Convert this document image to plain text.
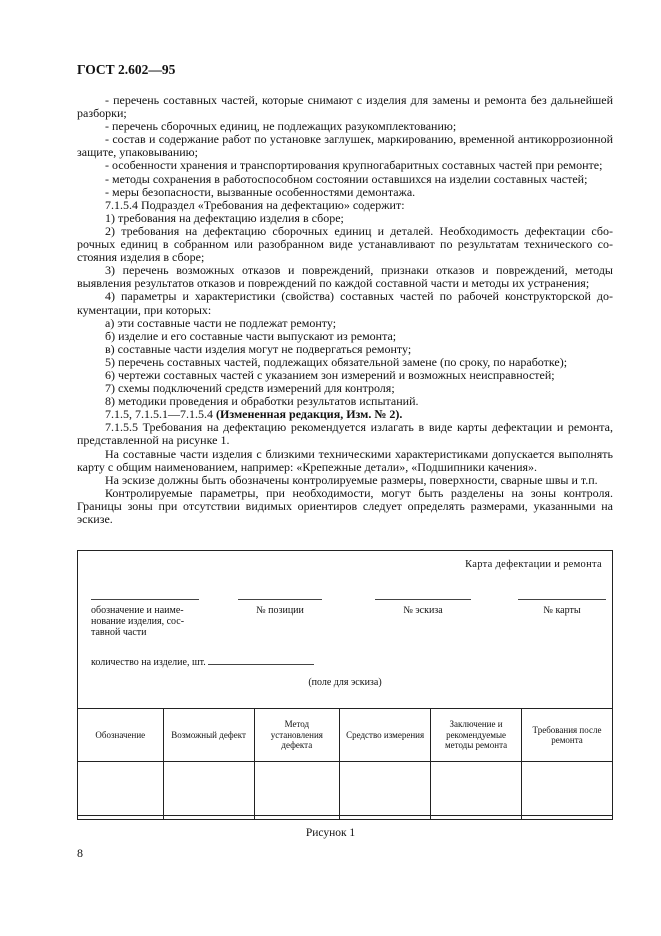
ГОСТ 2.602—95

- перечень составных частей, которые снимают с изделия для замены и ремонта без дальнейшей разборки;

- перечень сборочных единиц, не подлежащих разукомплектованию;

- состав и содержание работ по установке заглушек, маркированию, временной антикоррозионной защите, упаковыванию;

- особенности хранения и транспортирования крупногабаритных составных частей при ремонте;

- методы сохранения в работоспособном состоянии оставшихся на изделии составных частей;

- меры безопасности, вызванные особенностями демонтажа.

7.1.5.4 Подраздел «Требования на дефектацию» содержит:

1) требования на дефектацию изделия в сборе;

2) требования на дефектацию сборочных единиц и деталей. Необходимость дефектации сборочных единиц в собранном или разобранном виде устанавливают по результатам технического состояния изделия в сборе;

3) перечень возможных отказов и повреждений, признаки отказов и повреждений, методы выявления результатов отказов и повреждений по каждой составной части и методы их устранения;

4) параметры и характеристики (свойства) составных частей по рабочей конструкторской документации, при которых:

а) эти составные части не подлежат ремонту;

б) изделие и его составные части выпускают из ремонта;

в) составные части изделия могут не подвергаться ремонту;

5) перечень составных частей, подлежащих обязательной замене (по сроку, по наработке);

6) чертежи составных частей с указанием зон измерений и возможных неисправностей;

7) схемы подключений средств измерений для контроля;

8) методики проведения и обработки результатов испытаний.

7.1.5, 7.1.5.1—7.1.5.4 (Измененная редакция, Изм. № 2).

7.1.5.5 Требования на дефектацию рекомендуется излагать в виде карты дефектации и ремонта, представленной на рисунке 1.

На составные части изделия с близкими техническими характеристиками допускается выполнять карту с общим наименованием, например: «Крепежные детали», «Подшипники качения».

На эскизе должны быть обозначены контролируемые размеры, поверхности, сварные швы и т.п.

Контролируемые параметры, при необходимости, могут быть разделены на зоны контроля. Границы зоны при отсутствии видимых ориентиров следует определять размерами, указанными на эскизе.

Карта дефектации и ремонта
обозначение и наименование изделия, составной части
№ позиции	№ эскиза	№ карты
количество на изделие, шт.
(поле для эскиза)
Обозначение	Возможный дефект	Метод установления дефекта	Средство измерения	Заключение и рекомендуемые методы ремонта	Требования после ремонта

Рисунок 1
8
